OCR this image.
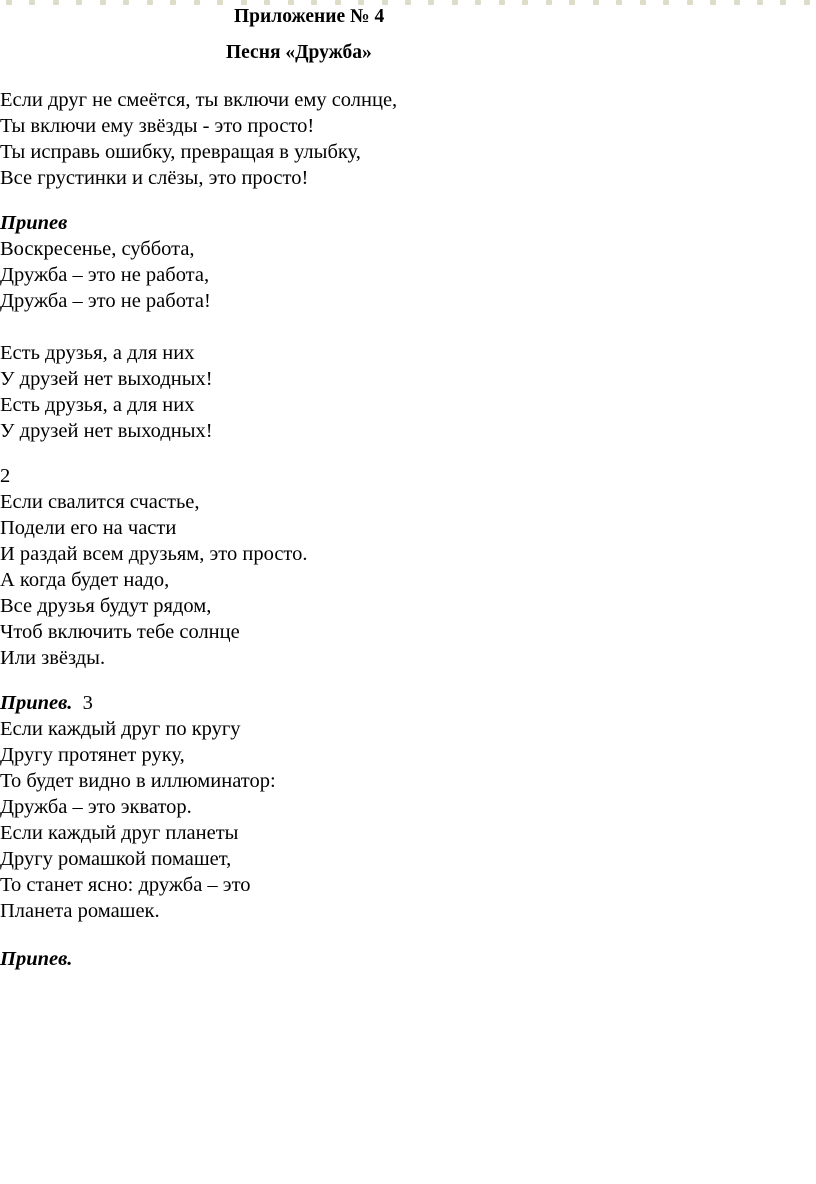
Приложение № 4
Песня «Дружба»
Если друг не смеётся, ты включи ему солнце,
Ты включи ему звёзды - это просто!
Ты исправь ошибку, превращая в улыбку,
Все грустинки и слёзы, это просто!
Припев
Воскресенье, суббота,
Дружба – это не работа,
Дружба – это не работа!
Есть друзья, а для них
У друзей нет выходных!
Есть друзья, а для них
У друзей нет выходных!
2
Если свалится счастье,
Подели его на части
И раздай всем друзьям, это просто.
А когда будет надо,
Все друзья будут рядом,
Чтоб включить тебе солнце
Или звёзды.
Припев. 3
Если каждый друг по кругу
Другу протянет руку,
То будет видно в иллюминатор:
Дружба – это экватор.
Если каждый друг планеты
Другу ромашкой помашет,
То станет ясно: дружба – это
Планета ромашек.
Припев.
